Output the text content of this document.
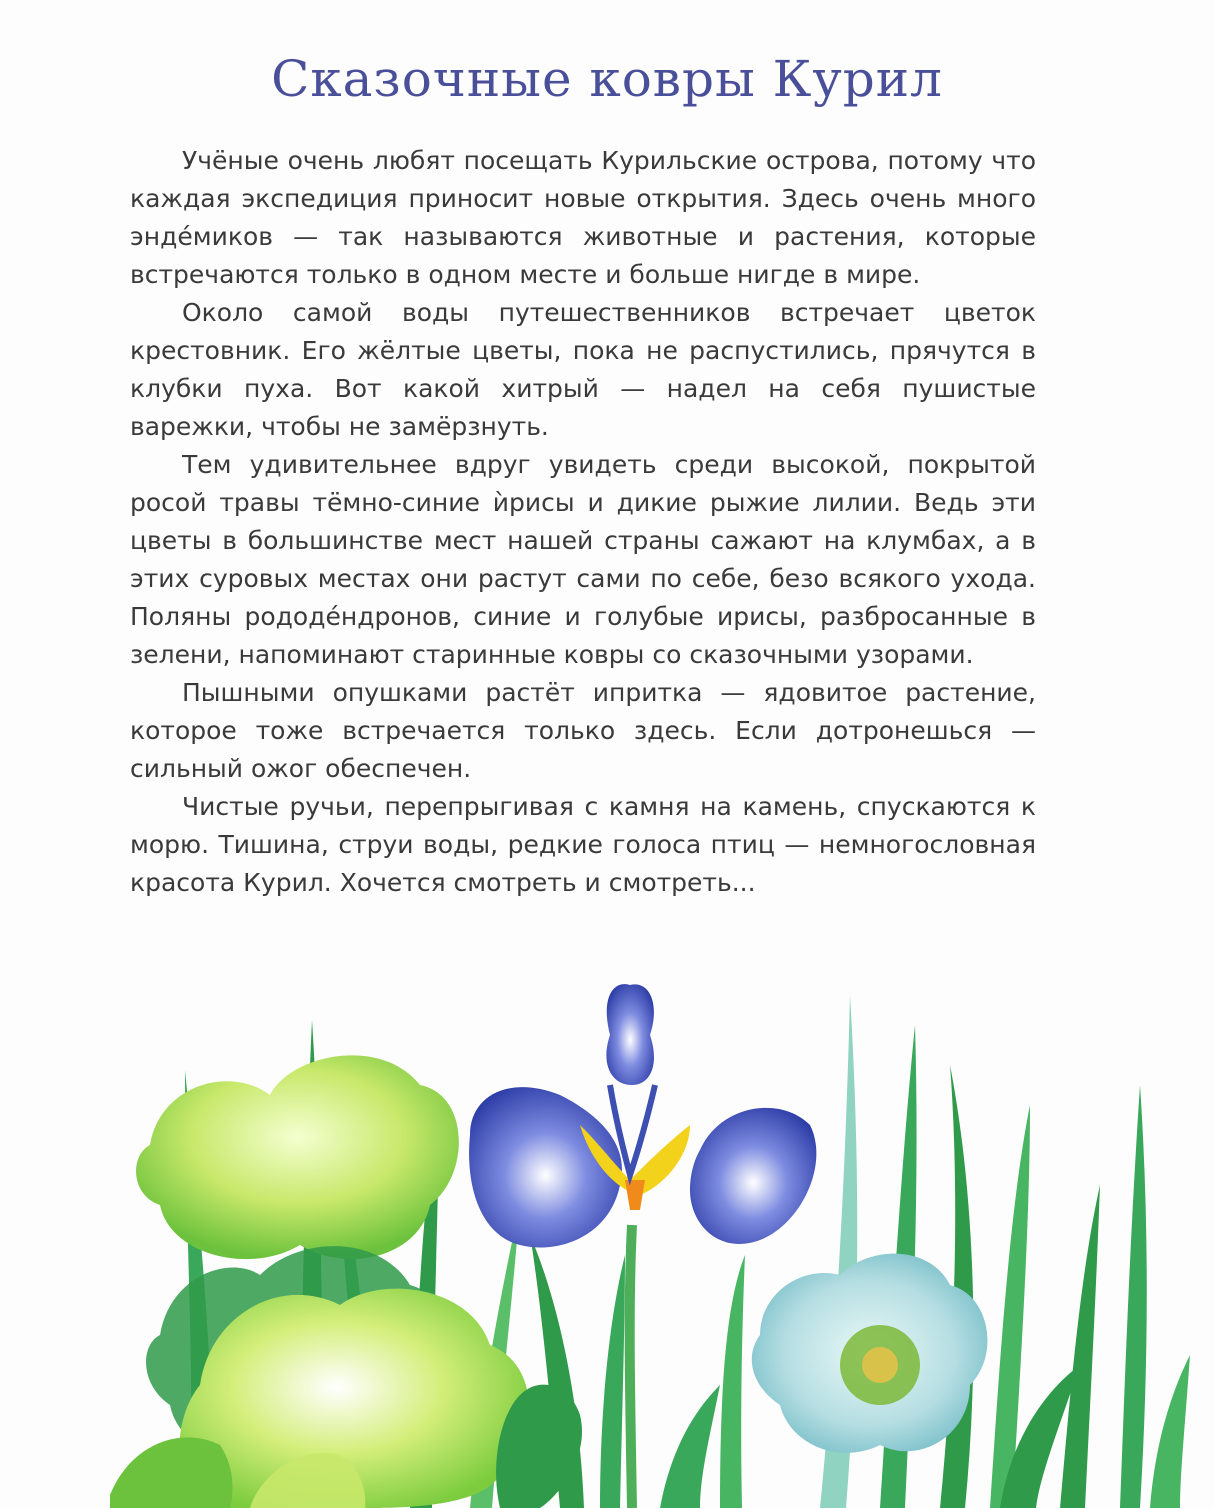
Сказочные ковры Курил

Учёные очень любят посещать Курильские острова, потому что каждая экспедиция приносит новые открытия. Здесь очень много эндéмиков — так называются животные и растения, которые встречаются только в одном месте и больше нигде в мире.

Около самой воды путешественников встречает цветок крестовник. Его жёлтые цветы, пока не распустились, прячутся в клубки пуха. Вот какой хитрый — надел на себя пушистые варежки, чтобы не замёрзнуть.

Тем удивительнее вдруг увидеть среди высокой, покрытой росой травы тёмно-синие ѝрисы и дикие рыжие лилии. Ведь эти цветы в большинстве мест нашей страны сажают на клумбах, а в этих суровых местах они растут сами по себе, безо всякого ухода. Поляны рододе́ндронов, синие и голубые ирисы, разбросанные в зелени, напоминают старинные ковры со сказочными узорами.

Пышными опушками растёт иприткa — ядовитое растение, которое тоже встречается только здесь. Если дотронешься — сильный ожог обеспечен.

Чистые ручьи, перепрыгивая с камня на камень, спускаются к морю. Тишина, струи воды, редкие голоса птиц — немногословная красота Курил. Хочется смотреть и смотреть...
